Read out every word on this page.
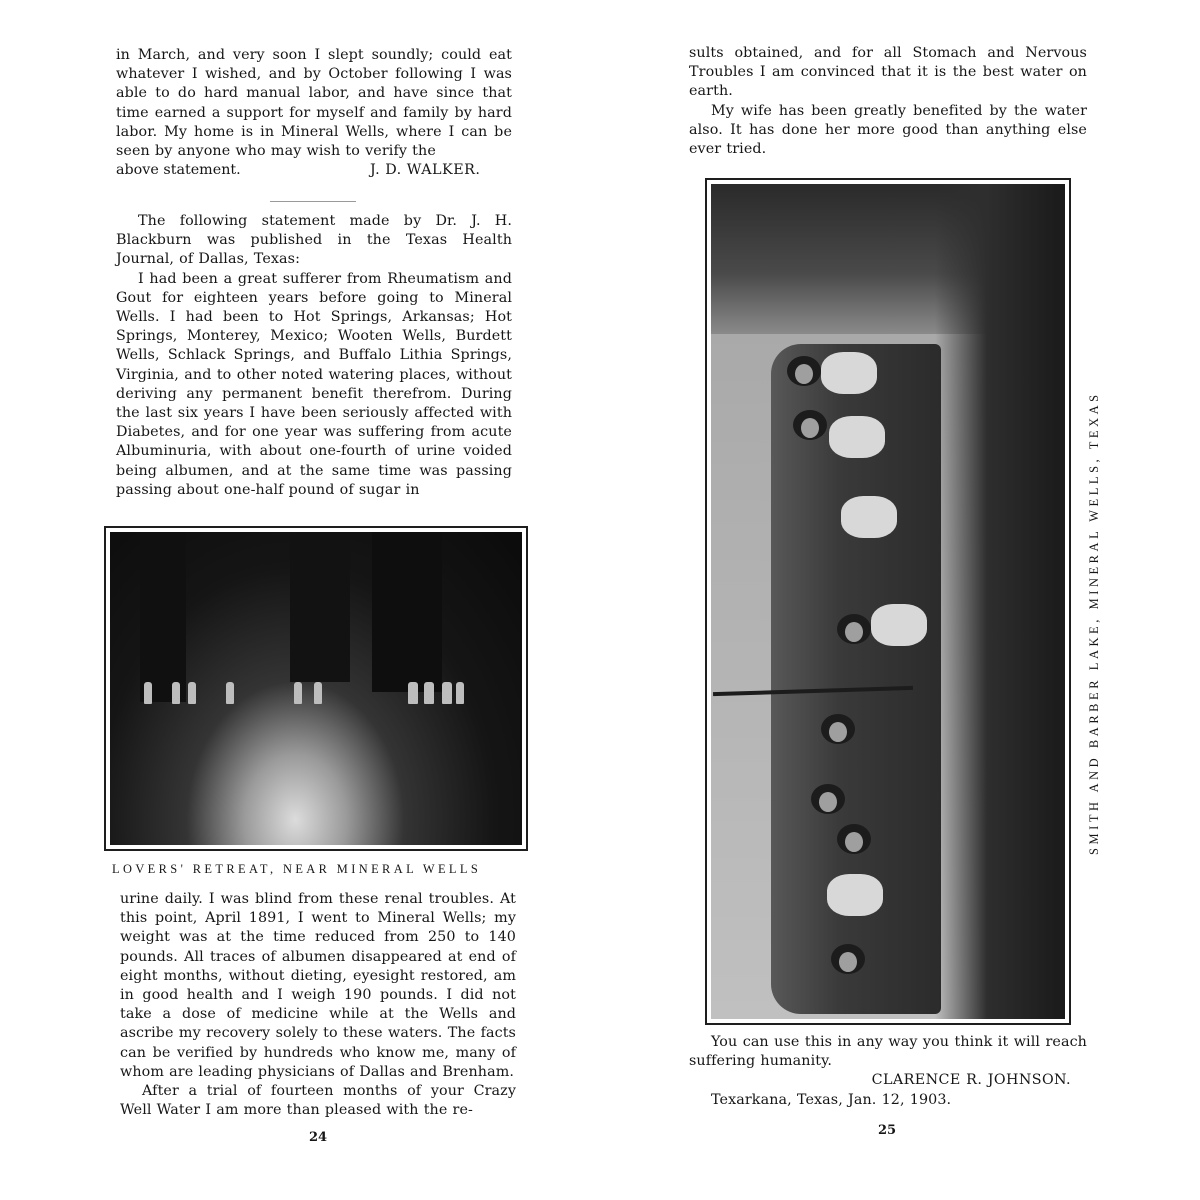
in March, and very soon I slept soundly; could eat whatever I wished, and by October following I was able to do hard manual labor, and have since that time earned a support for myself and family by hard labor. My home is in Mineral Wells, where I can be seen by anyone who may wish to verify the

above statement.	J. D. WALKER.

The following statement made by Dr. J. H. Blackburn was published in the Texas Health Journal, of Dallas, Texas:

I had been a great sufferer from Rheumatism and Gout for eighteen years before going to Mineral Wells. I had been to Hot Springs, Arkansas; Hot Springs, Monterey, Mexico; Wooten Wells, Burdett Wells, Schlack Springs, and Buffalo Lithia Springs, Virginia, and to other noted watering places, without deriving any permanent benefit therefrom. During the last six years I have been seriously affected with Diabetes, and for one year was suffering from acute Albuminuria, with about one-fourth of urine voided being albumen, and at the same time was passing passing about one-half pound of sugar in

LOVERS' RETREAT, NEAR MINERAL WELLS

urine daily. I was blind from these renal troubles. At this point, April 1891, I went to Mineral Wells; my weight was at the time reduced from 250 to 140 pounds. All traces of albumen disappeared at end of eight months, without dieting, eyesight restored, am in good health and I weigh 190 pounds. I did not take a dose of medicine while at the Wells and ascribe my recovery solely to these waters. The facts can be verified by hundreds who know me, many of whom are leading physicians of Dallas and Brenham.

After a trial of fourteen months of your Crazy Well Water I am more than pleased with the re-

24

sults obtained, and for all Stomach and Nervous Troubles I am convinced that it is the best water on earth.

My wife has been greatly benefited by the water also. It has done her more good than anything else ever tried.

SMITH AND BARBER LAKE, MINERAL WELLS, TEXAS

You can use this in any way you think it will reach suffering humanity.

CLARENCE R. JOHNSON.

Texarkana, Texas, Jan. 12, 1903.

25
